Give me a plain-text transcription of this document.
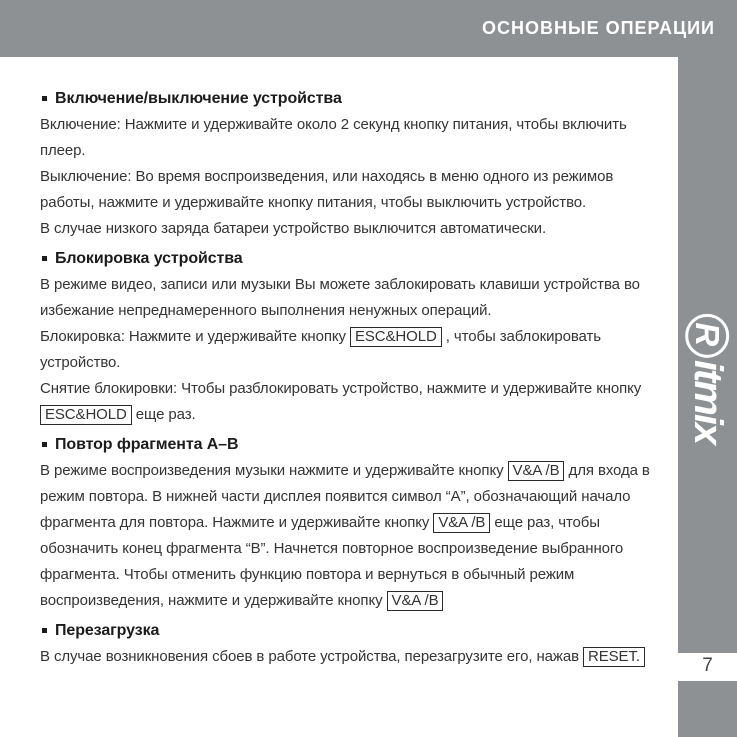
ОСНОВНЫЕ ОПЕРАЦИИ
R
itmix
7
Включение/выключение устройства

Включение: Нажмите и удерживайте около 2 секунд кнопку питания, чтобы включить плеер.

Выключение: Во время воспроизведения, или находясь в меню одного из режимов работы, нажмите и удерживайте кнопку питания, чтобы выключить устройство.

В случае низкого заряда батареи устройство выключится автоматически.

Блокировка устройства

В режиме видео, записи или музыки Вы можете заблокировать клавиши устройства во избежание непреднамеренного выполнения ненужных операций.

Блокировка: Нажмите и удерживайте кнопку ESC&HOLD , чтобы заблокировать устройство.

Снятие блокировки: Чтобы разблокировать устройство, нажмите и удерживайте кнопку ESC&HOLD еще раз.

Повтор фрагмента A–B

В режиме воспроизведения музыки нажмите и удерживайте кнопку V&A /B для входа в режим повтора. В нижней части дисплея появится символ “А”, обозначающий начало фрагмента для повтора. Нажмите и удерживайте кнопку V&A /B еще раз, чтобы обозначить конец фрагмента “В”. Начнется повторное воспроизведение выбранного фрагмента. Чтобы отменить функцию повтора и вернуться в обычный режим воспроизведения, нажмите и удерживайте кнопку V&A /B

Перезагрузка

В случае возникновения сбоев в работе устройства, перезагрузите его, нажав RESET.
